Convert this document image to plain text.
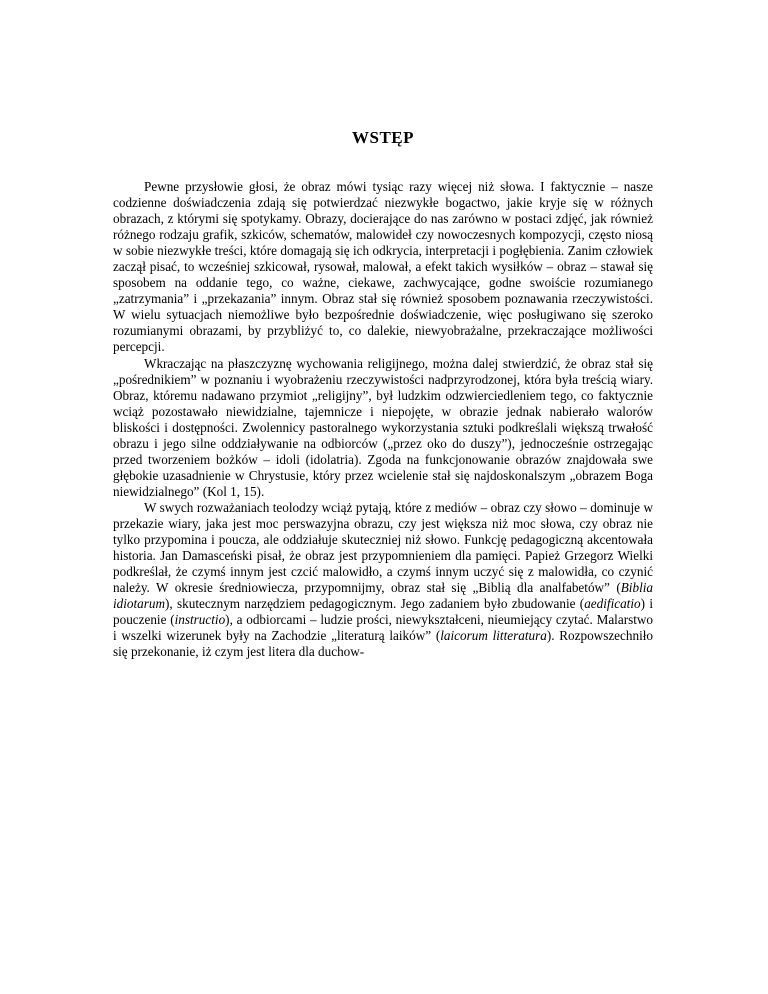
WSTĘP

Pewne przysłowie głosi, że obraz mówi tysiąc razy więcej niż słowa. I faktycznie – nasze codzienne doświadczenia zdają się potwierdzać niezwykłe bogactwo, jakie kryje się w różnych obrazach, z którymi się spotykamy. Obrazy, docierające do nas zarówno w postaci zdjęć, jak również różnego rodzaju grafik, szkiców, schematów, malowideł czy nowoczesnych kompozycji, często niosą w sobie niezwykłe treści, które domagają się ich odkrycia, interpretacji i pogłębienia. Zanim człowiek zaczął pisać, to wcześniej szkicował, rysował, malował, a efekt takich wysiłków – obraz – stawał się sposobem na oddanie tego, co ważne, ciekawe, zachwycające, godne swoiście rozumianego „zatrzymania” i „przekazania” innym. Obraz stał się również sposobem poznawania rzeczywistości. W wielu sytuacjach niemożliwe było bezpośrednie doświadczenie, więc posługiwano się szeroko rozumianymi obrazami, by przybliżyć to, co dalekie, niewyobrażalne, przekraczające możliwości percepcji.

Wkraczając na płaszczyznę wychowania religijnego, można dalej stwierdzić, że obraz stał się „pośrednikiem” w poznaniu i wyobrażeniu rzeczywistości nadprzyrodzonej, która była treścią wiary. Obraz, któremu nadawano przymiot „religijny”, był ludzkim odzwierciedleniem tego, co faktycznie wciąż pozostawało niewidzialne, tajemnicze i niepojęte, w obrazie jednak nabierało walorów bliskości i dostępności. Zwolennicy pastoralnego wykorzystania sztuki podkreślali większą trwałość obrazu i jego silne oddziaływanie na odbiorców („przez oko do duszy”), jednocześnie ostrzegając przed tworzeniem bożków – idoli (idolatria). Zgoda na funkcjonowanie obrazów znajdowała swe głębokie uzasadnienie w Chrystusie, który przez wcielenie stał się najdoskonalszym „obrazem Boga niewidzialnego” (Kol 1, 15).

W swych rozważaniach teolodzy wciąż pytają, które z mediów – obraz czy słowo – dominuje w przekazie wiary, jaka jest moc perswazyjna obrazu, czy jest większa niż moc słowa, czy obraz nie tylko przypomina i poucza, ale oddziałuje skuteczniej niż słowo. Funkcję pedagogiczną akcentowała historia. Jan Damasceński pisał, że obraz jest przypomnieniem dla pamięci. Papież Grzegorz Wielki podkreślał, że czymś innym jest czcić malowidło, a czymś innym uczyć się z malowidła, co czynić należy. W okresie średniowiecza, przypomnijmy, obraz stał się „Biblią dla analfabetów” (Biblia idiotarum), skutecznym narzędziem pedagogicznym. Jego zadaniem było zbudowanie (aedificatio) i pouczenie (instructio), a odbiorcami – ludzie prości, niewykształceni, nieumiejący czytać. Malarstwo i wszelki wizerunek były na Zachodzie „literaturą laików” (laicorum litteratura). Rozpowszechniło się przekonanie, iż czym jest litera dla duchow-
